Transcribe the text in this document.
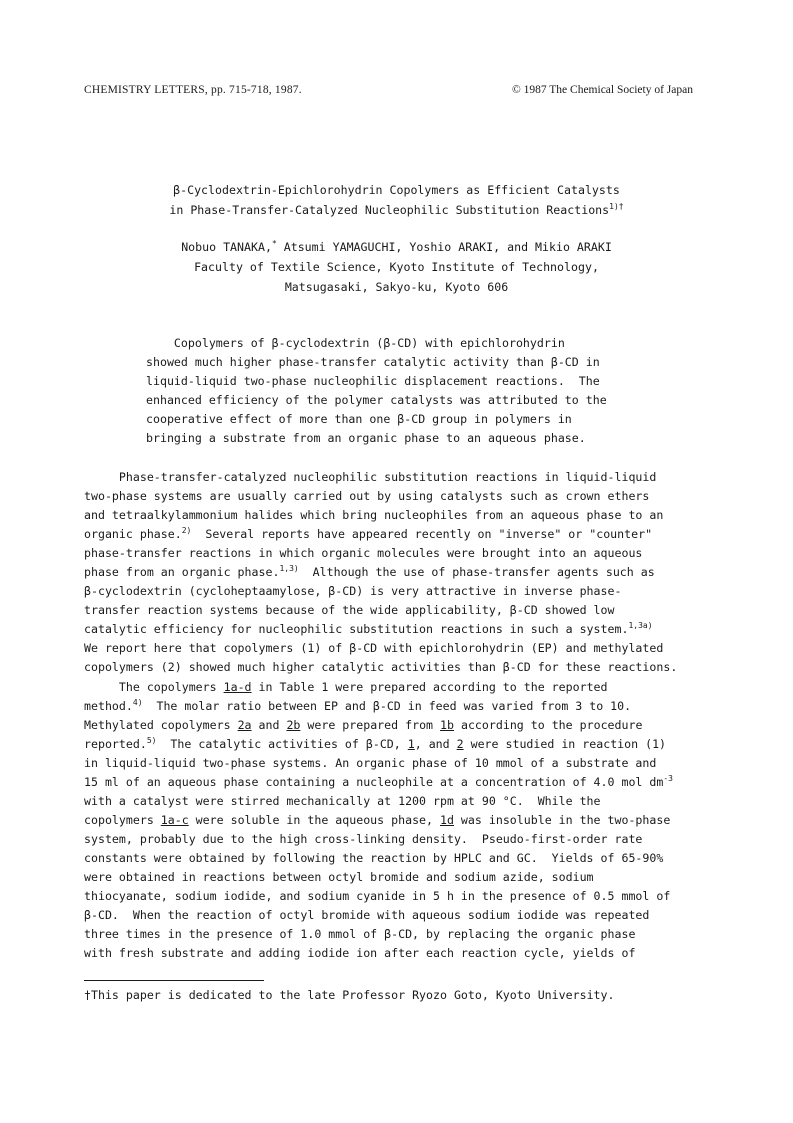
CHEMISTRY LETTERS, pp. 715-718, 1987.	© 1987 The Chemical Society of Japan
β-Cyclodextrin-Epichlorohydrin Copolymers as Efficient Catalysts
in Phase-Transfer-Catalyzed Nucleophilic Substitution Reactions$^{1)\dagger}$
Nobuo TANAKA,* Atsumi YAMAGUCHI, Yoshio ARAKI, and Mikio ARAKI
Faculty of Textile Science, Kyoto Institute of Technology,
Matsugasaki, Sakyo-ku, Kyoto 606
Copolymers of β-cyclodextrin (β-CD) with epichlorohydrin
showed much higher phase-transfer catalytic activity than β-CD in
liquid-liquid two-phase nucleophilic displacement reactions.  The
enhanced efficiency of the polymer catalysts was attributed to the
cooperative effect of more than one β-CD group in polymers in
bringing a substrate from an organic phase to an aqueous phase.
Phase-transfer-catalyzed nucleophilic substitution reactions in liquid-liquid
two-phase systems are usually carried out by using catalysts such as crown ethers
and tetraalkylammonium halides which bring nucleophiles from an aqueous phase to an
organic phase.$^{2)}$  Several reports have appeared recently on "inverse" or "counter"
phase-transfer reactions in which organic molecules were brought into an aqueous
phase from an organic phase.$^{1,3)}$  Although the use of phase-transfer agents such as
β-cyclodextrin (cycloheptaamylose, β-CD) is very attractive in inverse phase-
transfer reaction systems because of the wide applicability, β-CD showed low
catalytic efficiency for nucleophilic substitution reactions in such a system.$^{1,3a)}$
We report here that copolymers (1) of β-CD with epichlorohydrin (EP) and methylated
copolymers (2) showed much higher catalytic activities than β-CD for these reactions.
The copolymers 1a-d in Table 1 were prepared according to the reported
method.$^{4)}$  The molar ratio between EP and β-CD in feed was varied from 3 to 10.
Methylated copolymers 2a and 2b were prepared from 1b according to the procedure
reported.$^{5)}$  The catalytic activities of β-CD, 1, and 2 were studied in reaction (1)
in liquid-liquid two-phase systems. An organic phase of 10 mmol of a substrate and
15 ml of an aqueous phase containing a nucleophile at a concentration of 4.0 mol $dm^{-3}$
with a catalyst were stirred mechanically at 1200 rpm at 90 °C.  While the
copolymers 1a-c were soluble in the aqueous phase, 1d was insoluble in the two-phase
system, probably due to the high cross-linking density.  Pseudo-first-order rate
constants were obtained by following the reaction by HPLC and GC.  Yields of 65-90%
were obtained in reactions between octyl bromide and sodium azide, sodium
thiocyanate, sodium iodide, and sodium cyanide in 5 h in the presence of 0.5 mmol of
β-CD.  When the reaction of octyl bromide with aqueous sodium iodide was repeated
three times in the presence of 1.0 mmol of β-CD, by replacing the organic phase
with fresh substrate and adding iodide ion after each reaction cycle, yields of
†This paper is dedicated to the late Professor Ryozo Goto, Kyoto University.
